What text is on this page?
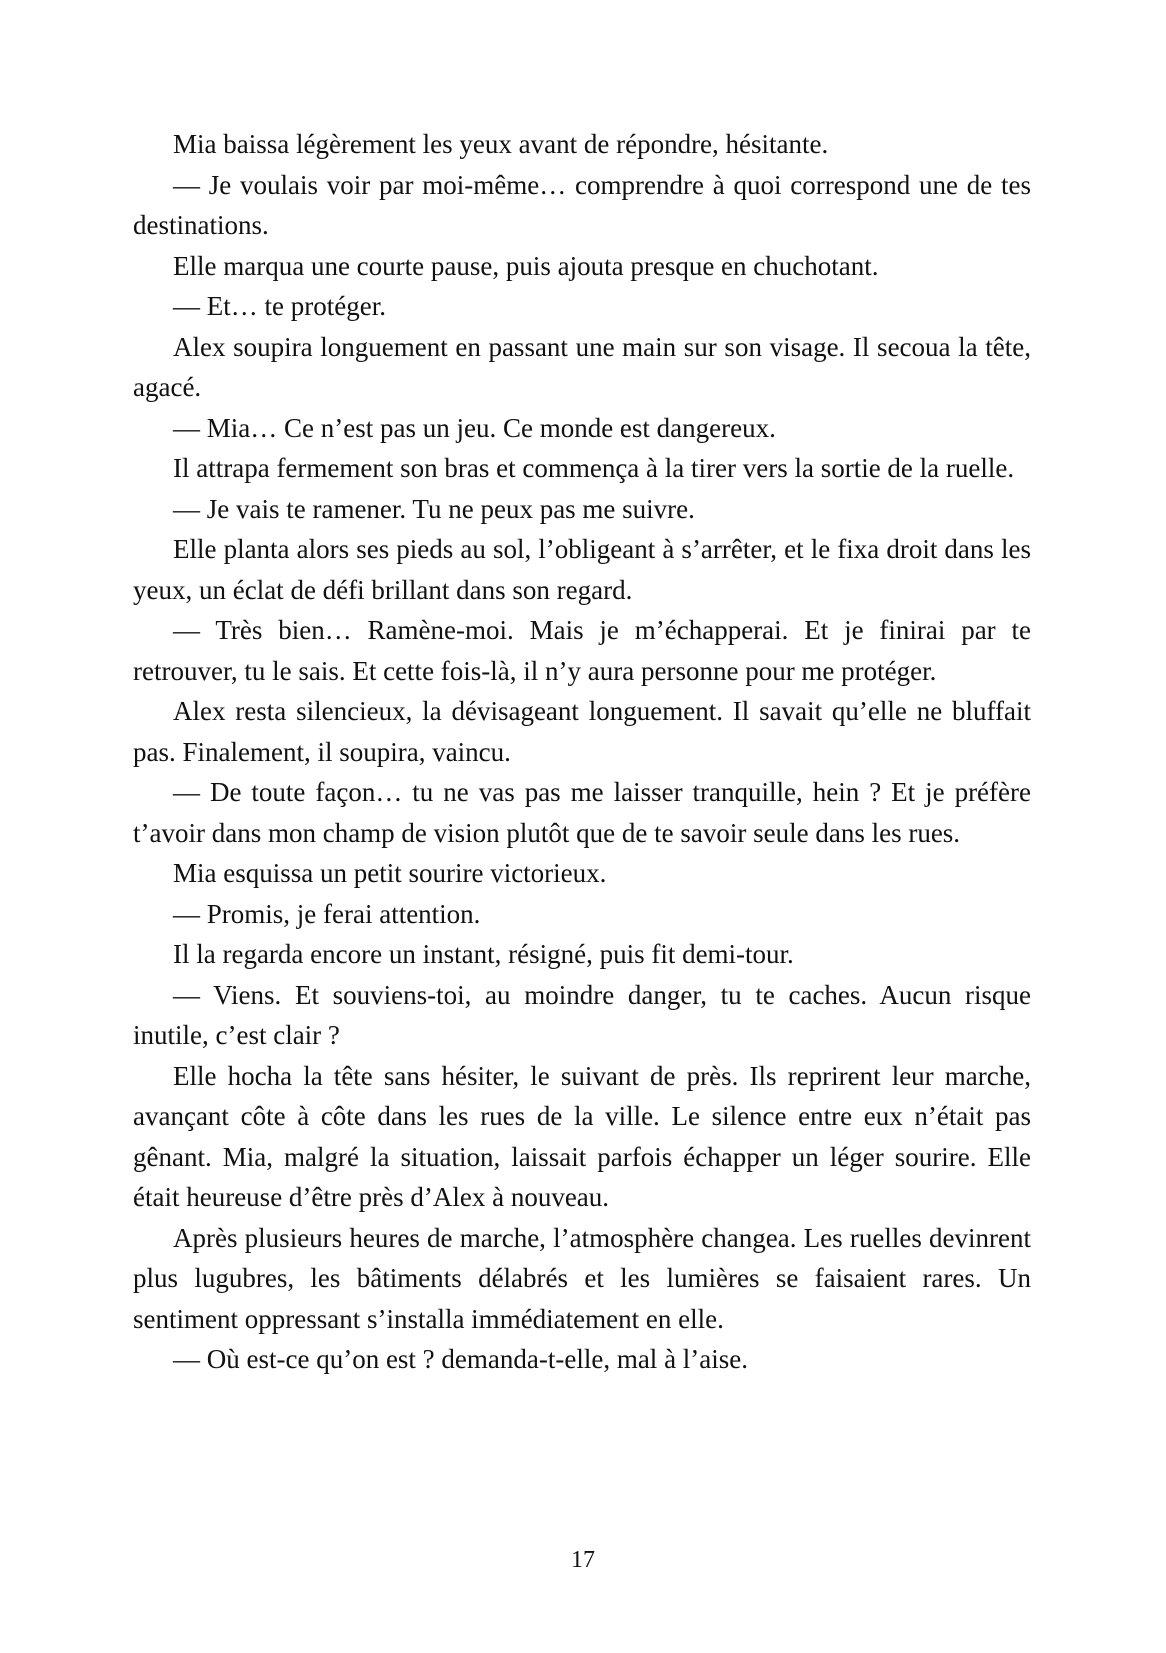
Mia baissa légèrement les yeux avant de répondre, hésitante.

— Je voulais voir par moi-même… comprendre à quoi correspond une de tes destinations.

Elle marqua une courte pause, puis ajouta presque en chuchotant.

— Et… te protéger.

Alex soupira longuement en passant une main sur son visage. Il secoua la tête, agacé.

— Mia… Ce n’est pas un jeu. Ce monde est dangereux.

Il attrapa fermement son bras et commença à la tirer vers la sortie de la ruelle.

— Je vais te ramener. Tu ne peux pas me suivre.

Elle planta alors ses pieds au sol, l’obligeant à s’arrêter, et le fixa droit dans les yeux, un éclat de défi brillant dans son regard.

— Très bien… Ramène-moi. Mais je m’échapperai. Et je finirai par te retrouver, tu le sais. Et cette fois-là, il n’y aura personne pour me protéger.

Alex resta silencieux, la dévisageant longuement. Il savait qu’elle ne bluffait pas. Finalement, il soupira, vaincu.

— De toute façon… tu ne vas pas me laisser tranquille, hein ? Et je préfère t’avoir dans mon champ de vision plutôt que de te savoir seule dans les rues.

Mia esquissa un petit sourire victorieux.

— Promis, je ferai attention.

Il la regarda encore un instant, résigné, puis fit demi-tour.

— Viens. Et souviens-toi, au moindre danger, tu te caches. Aucun risque inutile, c’est clair ?

Elle hocha la tête sans hésiter, le suivant de près. Ils reprirent leur marche, avançant côte à côte dans les rues de la ville. Le silence entre eux n’était pas gênant. Mia, malgré la situation, laissait parfois échapper un léger sourire. Elle était heureuse d’être près d’Alex à nouveau.

Après plusieurs heures de marche, l’atmosphère changea. Les ruelles devinrent plus lugubres, les bâtiments délabrés et les lumières se faisaient rares. Un sentiment oppressant s’installa immédiatement en elle.

— Où est-ce qu’on est ? demanda-t-elle, mal à l’aise.

17
